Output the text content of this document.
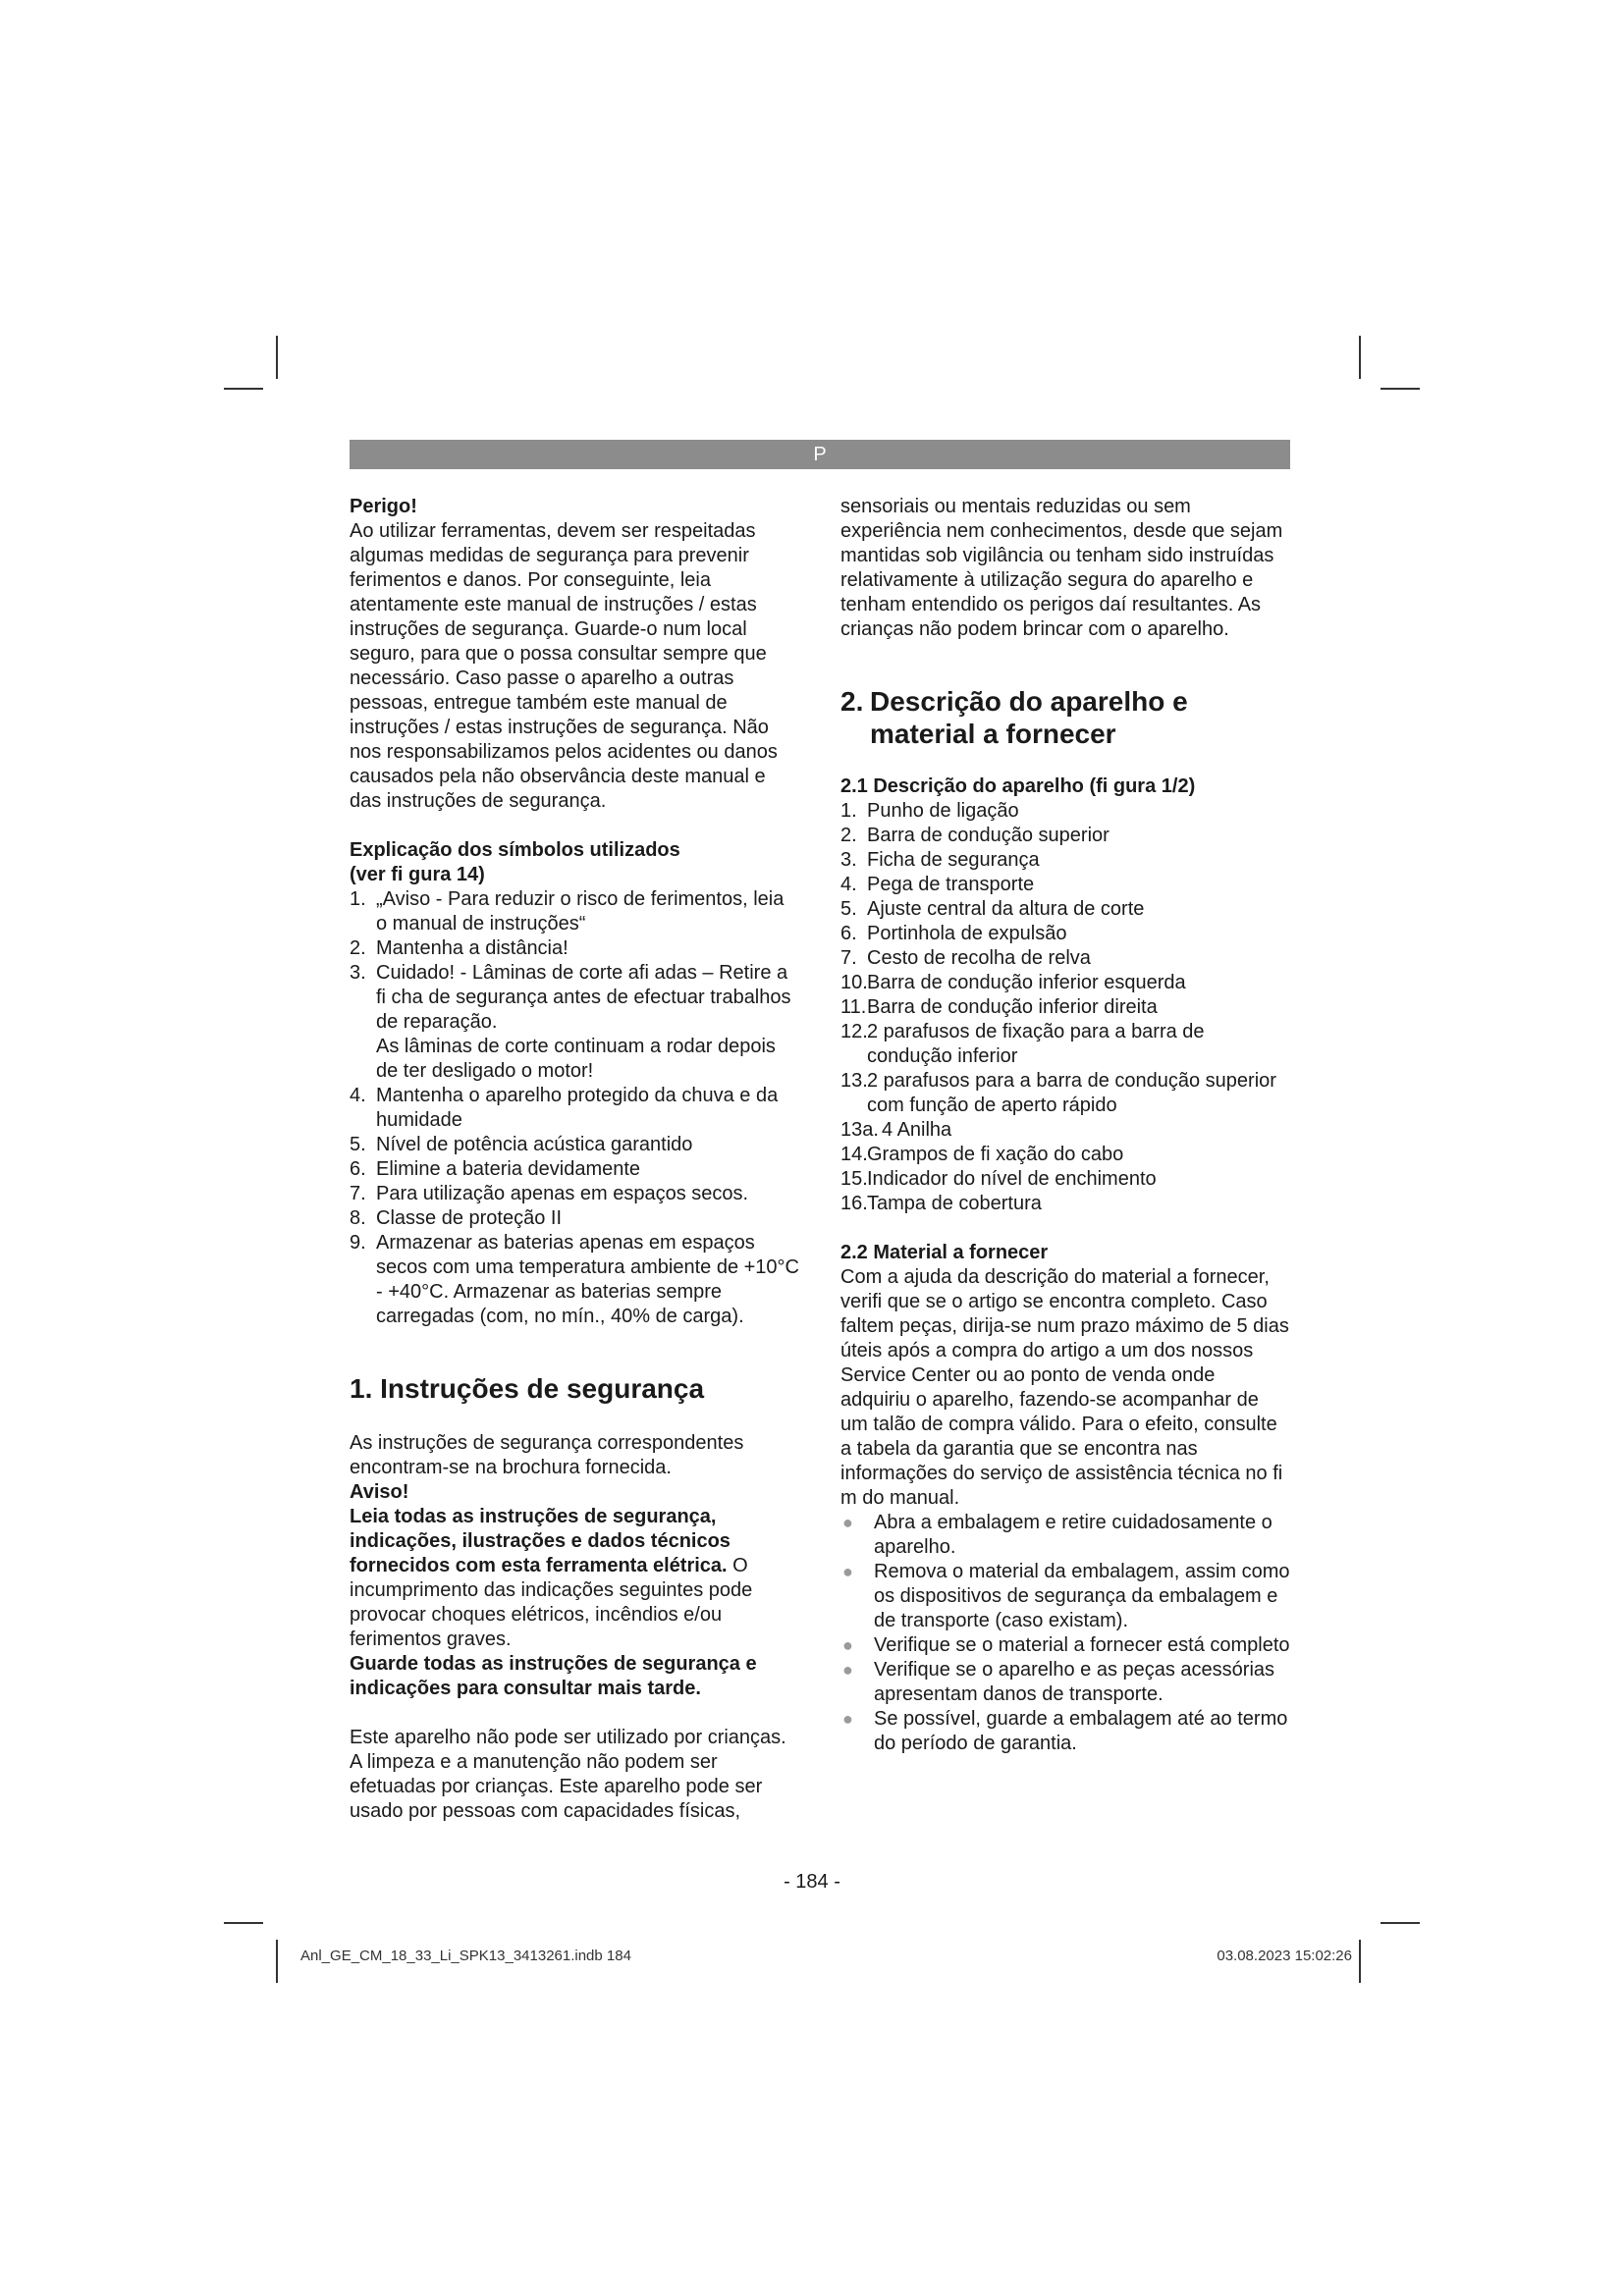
P

Perigo!

Ao utilizar ferramentas, devem ser respeitadas algumas medidas de segurança para prevenir ferimentos e danos. Por conseguinte, leia atentamente este manual de instruções / estas instruções de segurança. Guarde-o num local seguro, para que o possa consultar sempre que necessário. Caso passe o aparelho a outras pessoas, entregue também este manual de instruções / estas instruções de segurança. Não nos responsabilizamos pelos acidentes ou danos causados pela não observância deste manual e das instruções de segurança.

Explicação dos símbolos utilizados
(ver fi gura 14)

1. „Aviso - Para reduzir o risco de ferimentos, leia o manual de instruções“
2. Mantenha a distância!
3. Cuidado! - Lâminas de corte afi adas – Retire a fi cha de segurança antes de efectuar trabalhos de reparação.
As lâminas de corte continuam a rodar depois de ter desligado o motor!
4. Mantenha o aparelho protegido da chuva e da humidade
5. Nível de potência acústica garantido
6. Elimine a bateria devidamente
7. Para utilização apenas em espaços secos.
8. Classe de proteção II
9. Armazenar as baterias apenas em espaços secos com uma temperatura ambiente de +10°C - +40°C. Armazenar as baterias sempre carregadas (com, no mín., 40% de carga).

1. Instruções de segurança

As instruções de segurança correspondentes encontram-se na brochura fornecida.

Aviso!

Leia todas as instruções de segurança, indicações, ilustrações e dados técnicos fornecidos com esta ferramenta elétrica. O incumprimento das indicações seguintes pode provocar choques elétricos, incêndios e/ou ferimentos graves.

Guarde todas as instruções de segurança e indicações para consultar mais tarde.

Este aparelho não pode ser utilizado por crianças. A limpeza e a manutenção não podem ser efetuadas por crianças. Este aparelho pode ser usado por pessoas com capacidades físicas,

sensoriais ou mentais reduzidas ou sem experiência nem conhecimentos, desde que sejam mantidas sob vigilância ou tenham sido instruídas relativamente à utilização segura do aparelho e tenham entendido os perigos daí resultantes. As crianças não podem brincar com o aparelho.

2. Descrição do aparelho e material a fornecer

2.1 Descrição do aparelho (fi gura 1/2)

1. Punho de ligação
2. Barra de condução superior
3. Ficha de segurança
4. Pega de transporte
5. Ajuste central da altura de corte
6. Portinhola de expulsão
7. Cesto de recolha de relva
10. Barra de condução inferior esquerda
11. Barra de condução inferior direita
12. 2 parafusos de fixação para a barra de condução inferior
13. 2 parafusos para a barra de condução superior com função de aperto rápido
13a. 4 Anilha
14. Grampos de fi xação do cabo
15. Indicador do nível de enchimento
16. Tampa de cobertura

2.2 Material a fornecer

Com a ajuda da descrição do material a fornecer, verifi que se o artigo se encontra completo. Caso faltem peças, dirija-se num prazo máximo de 5 dias úteis após a compra do artigo a um dos nossos Service Center ou ao ponto de venda onde adquiriu o aparelho, fazendo-se acompanhar de um talão de compra válido. Para o efeito, consulte a tabela da garantia que se encontra nas informações do serviço de assistência técnica no fi m do manual.

●	Abra a embalagem e retire cuidadosamente o aparelho.
●	Remova o material da embalagem, assim como os dispositivos de segurança da embalagem e de transporte (caso existam).
●	Verifique se o material a fornecer está completo
●	Verifique se o aparelho e as peças acessórias apresentam danos de transporte.
●	Se possível, guarde a embalagem até ao termo do período de garantia.
- 184 -
Anl_GE_CM_18_33_Li_SPK13_3413261.indb 184	03.08.2023 15:02:26
